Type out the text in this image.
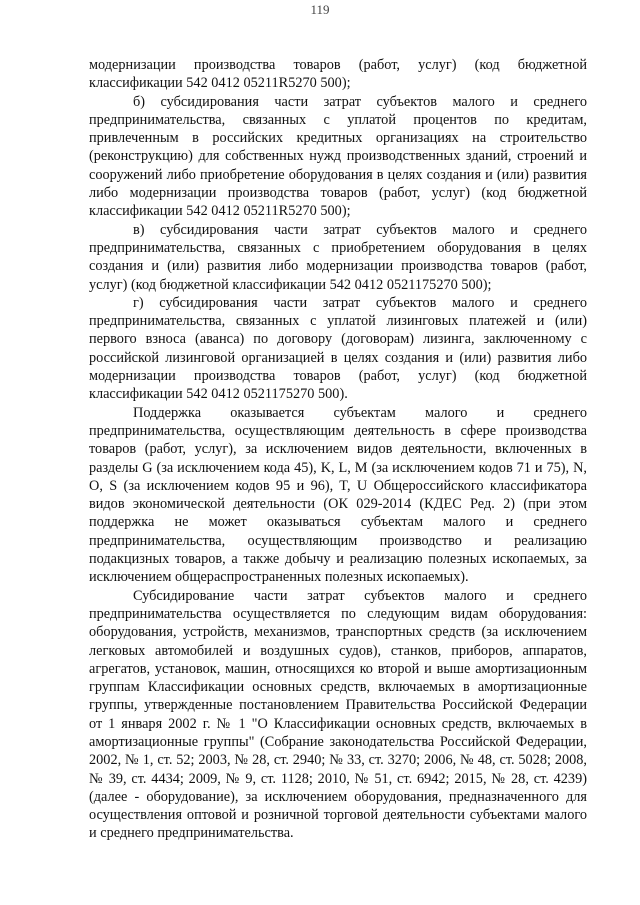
119

модернизации производства товаров (работ, услуг) (код бюджетной классификации 542 0412 05211R5270 500);

б) субсидирования части затрат субъектов малого и среднего предпринимательства, связанных с уплатой процентов по кредитам, привлеченным в российских кредитных организациях на строительство (реконструкцию) для собственных нужд производственных зданий, строений и сооружений либо приобретение оборудования в целях создания и (или) развития либо модернизации производства товаров (работ, услуг) (код бюджетной классификации 542 0412 05211R5270 500);

в) субсидирования части затрат субъектов малого и среднего предпринимательства, связанных с приобретением оборудования в целях создания и (или) развития либо модернизации производства товаров (работ, услуг) (код бюджетной классификации 542 0412 0521175270 500);

г) субсидирования части затрат субъектов малого и среднего предпринимательства, связанных с уплатой лизинговых платежей и (или) первого взноса (аванса) по договору (договорам) лизинга, заключенному с российской лизинговой организацией в целях создания и (или) развития либо модернизации производства товаров (работ, услуг) (код бюджетной классификации 542 0412 0521175270 500).

Поддержка оказывается субъектам малого и среднего предпринимательства, осуществляющим деятельность в сфере производства товаров (работ, услуг), за исключением видов деятельности, включенных в разделы G (за исключением кода 45), K, L, M (за исключением кодов 71 и 75), N, O, S (за исключением кодов 95 и 96), T, U Общероссийского классификатора видов экономической деятельности (ОК 029-2014 (КДЕС Ред. 2) (при этом поддержка не может оказываться субъектам малого и среднего предпринимательства, осуществляющим производство и реализацию подакцизных товаров, а также добычу и реализацию полезных ископаемых, за исключением общераспространенных полезных ископаемых).

Субсидирование части затрат субъектов малого и среднего предпринимательства осуществляется по следующим видам оборудования: оборудования, устройств, механизмов, транспортных средств (за исключением легковых автомобилей и воздушных судов), станков, приборов, аппаратов, агрегатов, установок, машин, относящихся ко второй и выше амортизационным группам Классификации основных средств, включаемых в амортизационные группы, утвержденные постановлением Правительства Российской Федерации от 1 января 2002 г. № 1 "О Классификации основных средств, включаемых в амортизационные группы" (Собрание законодательства Российской Федерации, 2002, № 1, ст. 52; 2003, № 28, ст. 2940; № 33, ст. 3270; 2006, № 48, ст. 5028; 2008, № 39, ст. 4434; 2009, № 9, ст. 1128; 2010, № 51, ст. 6942; 2015, № 28, ст. 4239) (далее - оборудование), за исключением оборудования, предназначенного для осуществления оптовой и розничной торговой деятельности субъектами малого и среднего предпринимательства.
